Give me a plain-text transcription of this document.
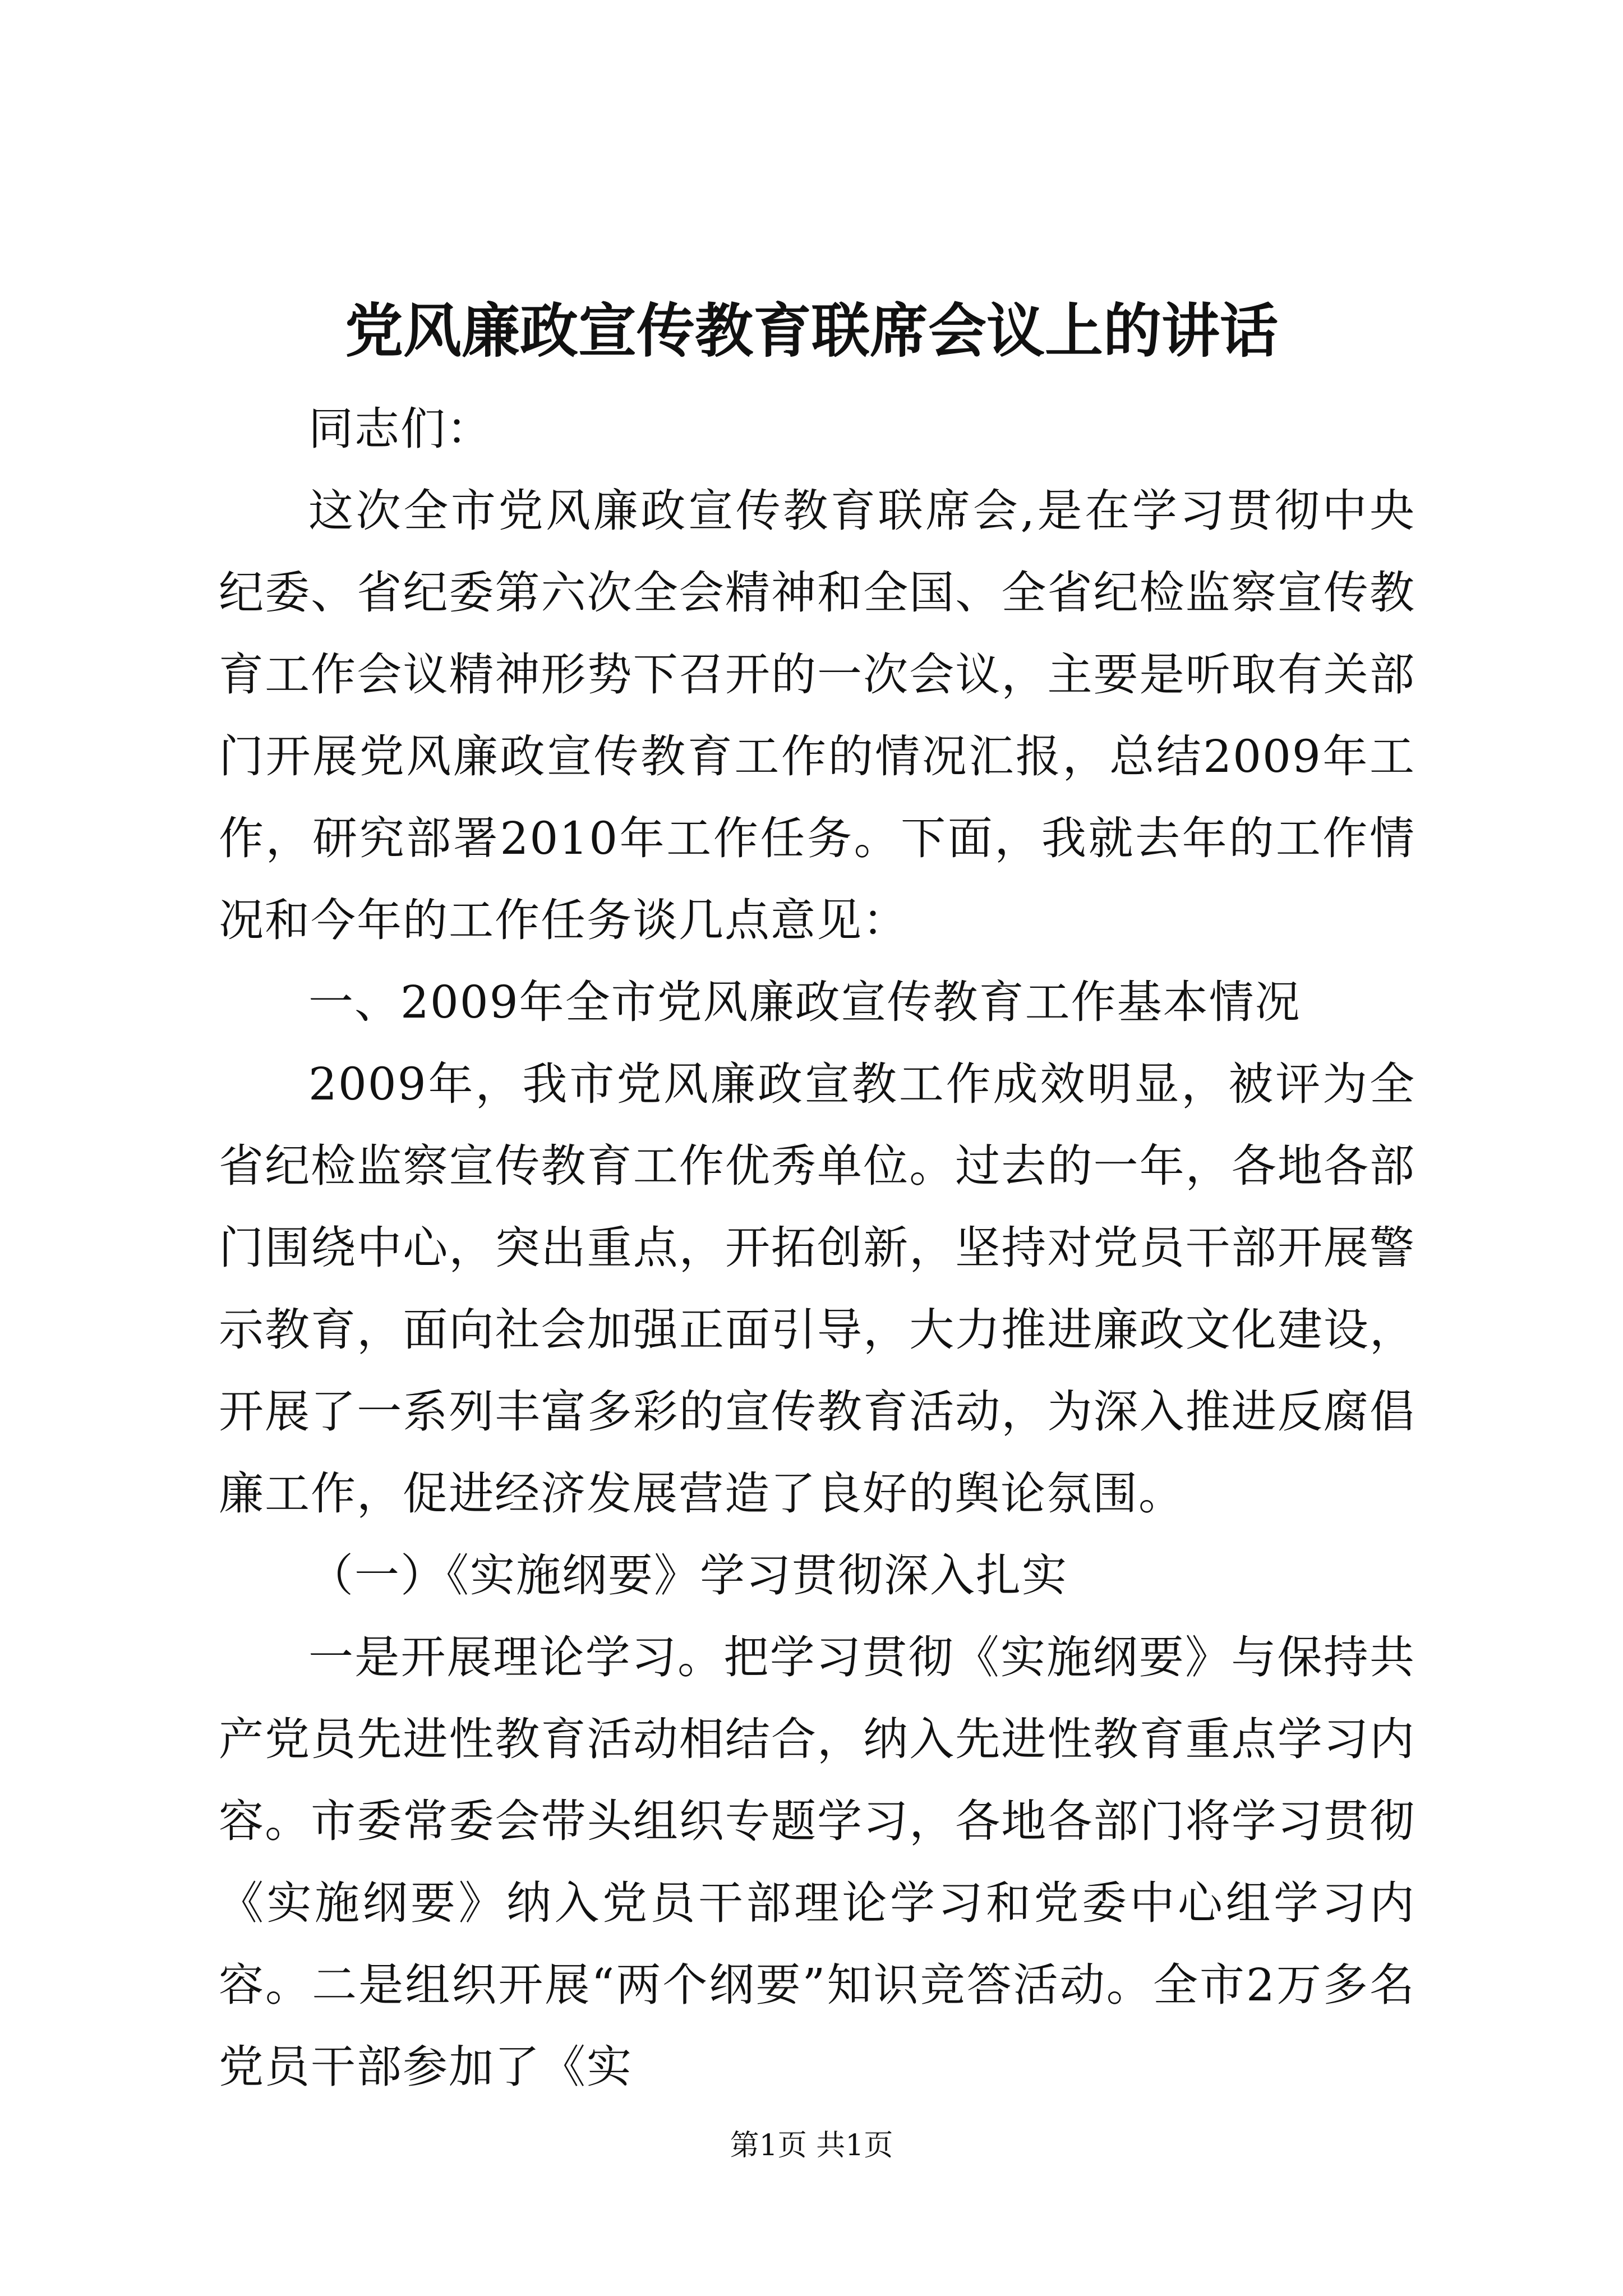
党风廉政宣传教育联席会议上的讲话

同志们：

这次全市党风廉政宣传教育联席会,是在学习贯彻中央纪委、省纪委第六次全会精神和全国、全省纪检监察宣传教育工作会议精神形势下召开的一次会议，主要是听取有关部门开展党风廉政宣传教育工作的情况汇报，总结2009年工作，研究部署2010年工作任务。下面，我就去年的工作情况和今年的工作任务谈几点意见：

一、2009年全市党风廉政宣传教育工作基本情况

2009年，我市党风廉政宣教工作成效明显，被评为全省纪检监察宣传教育工作优秀单位。过去的一年，各地各部门围绕中心，突出重点，开拓创新，坚持对党员干部开展警示教育，面向社会加强正面引导，大力推进廉政文化建设，开展了一系列丰富多彩的宣传教育活动，为深入推进反腐倡廉工作，促进经济发展营造了良好的舆论氛围。

（一）《实施纲要》学习贯彻深入扎实

一是开展理论学习。把学习贯彻《实施纲要》与保持共产党员先进性教育活动相结合，纳入先进性教育重点学习内容。市委常委会带头组织专题学习，各地各部门将学习贯彻《实施纲要》纳入党员干部理论学习和党委中心组学习内容。二是组织开展“两个纲要”知识竞答活动。全市2万多名党员干部参加了《实

第1页 共1页
